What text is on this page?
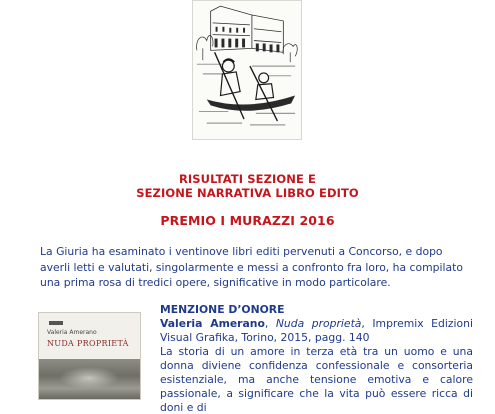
RISULTATI SEZIONE E
SEZIONE NARRATIVA LIBRO EDITO
PREMIO I MURAZZI 2016

La Giuria ha esaminato i ventinove libri editi pervenuti a Concorso, e dopo averli letti e valutati, singolarmente e messi a confronto fra loro, ha compilato una prima rosa di tredici opere, significative in modo particolare.

Valeria Amerano
NUDA PROPRIETÀ
MENZIONE D’ONORE
Valeria Amerano, Nuda proprietà, Impremix Edizioni Visual Grafika, Torino, 2015, pagg. 140
La storia di un amore in terza età tra un uomo e una donna diviene confidenza confessionale e consorteria esistenziale, ma anche tensione emotiva e calore passionale, a significare che la vita può essere ricca di doni e di
